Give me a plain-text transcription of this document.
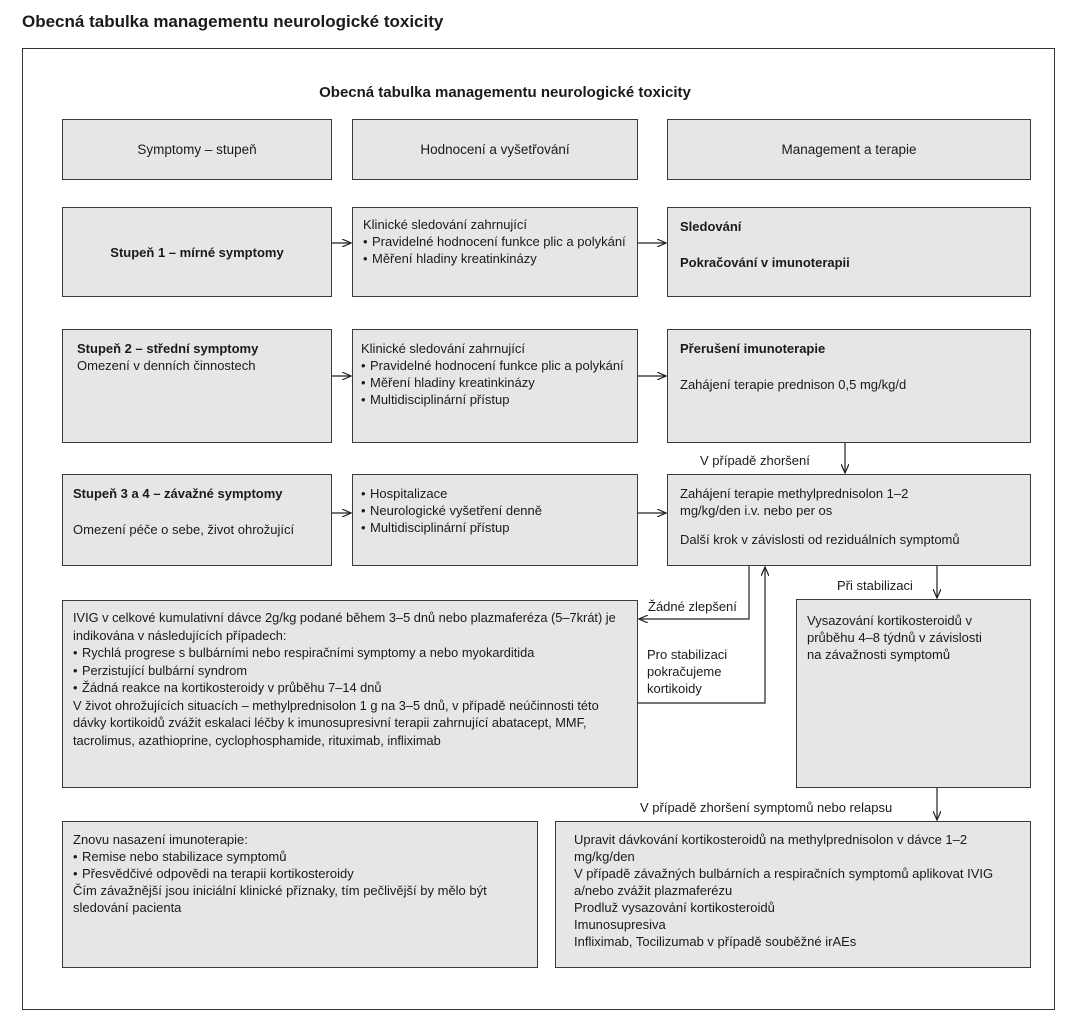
Obecná tabulka managementu neurologické toxicity
Obecná tabulka managementu neurologické toxicity
Symptomy – stupeň	Hodnocení a vyšetřování	Management a terapie
Stupeň 1 – mírné symptomy
Klinické sledování zahrnující
• Pravidelné hodnocení funkce plic a polykání
• Měření hladiny kreatinkinázy
Sledování
Pokračování v imunoterapii
Stupeň 2 – střední symptomy
Omezení v denních činnostech
Klinické sledování zahrnující
• Pravidelné hodnocení funkce plic a polykání
• Měření hladiny kreatinkinázy
• Multidisciplinární přístup
Přerušení imunoterapie
Zahájení terapie prednison 0,5 mg/kg/d
Stupeň 3 a 4 – závažné symptomy
Omezení péče o sebe, život ohrožující
• Hospitalizace
• Neurologické vyšetření denně
• Multidisciplinární přístup
Zahájení terapie methylprednisolon 1–2 mg/kg/den i.v. nebo per os
Další krok v závislosti od reziduálních symptomů
IVIG v celkové kumulativní dávce 2g/kg podané během 3–5 dnů nebo plazmaferéza (5–7krát) je indikována v následujících případech:
• Rychlá progrese s bulbárními nebo respiračními symptomy a nebo myokarditida
• Perzistující bulbární syndrom
• Žádná reakce na kortikosteroidy v průběhu 7–14 dnů
V život ohrožujících situacích – methylprednisolon 1 g na 3–5 dnů, v případě neúčinnosti této dávky kortikoidů zvážit eskalaci léčby k imunosupresivní terapii zahrnující abatacept, MMF, tacrolimus, azathioprine, cyclophosphamide, rituximab, infliximab
Vysazování kortikosteroidů v průběhu 4–8 týdnů v závislosti na závažnosti symptomů
Znovu nasazení imunoterapie:
• Remise nebo stabilizace symptomů
• Přesvědčivé odpovědi na terapii kortikosteroidy
Čím závažnější jsou iniciální klinické příznaky, tím pečlivější by mělo být sledování pacienta
Upravit dávkování kortikosteroidů na methylprednisolon v dávce 1–2 mg/kg/den
V případě závažných bulbárních a respiračních symptomů aplikovat IVIG a/nebo zvážit plazmaferézu
Prodluž vysazování kortikosteroidů
Imunosupresiva
Infliximab, Tocilizumab v případě souběžné irAEs
V případě zhoršení
Žádné zlepšení
Pro stabilizaci pokračujeme kortikoidy
Při stabilizaci
V případě zhoršení symptomů nebo relapsu
